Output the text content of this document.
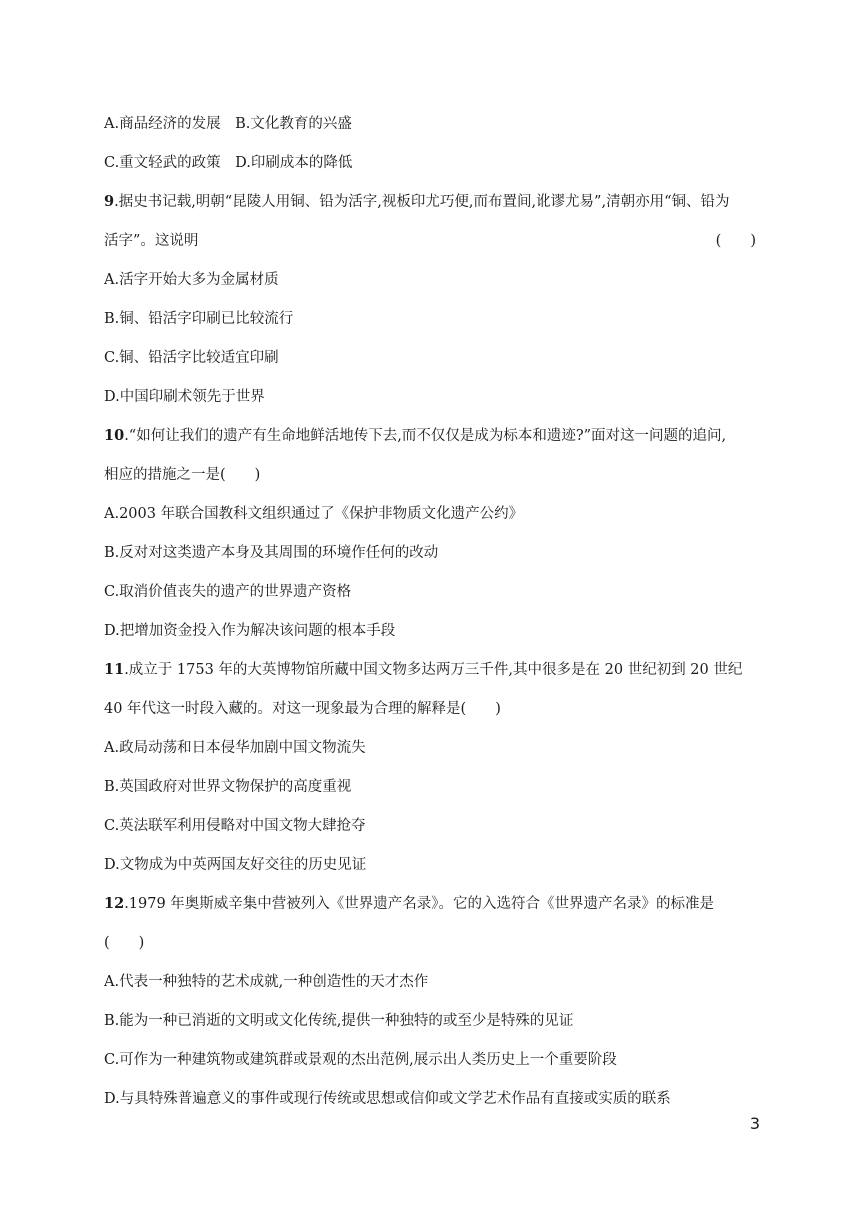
A.商品经济的发展　B.文化教育的兴盛
C.重文轻武的政策　D.印刷成本的降低
9.据史书记载,明朝“昆陵人用铜、铅为活字,视板印尤巧便,而布置间,讹谬尤易”,清朝亦用“铜、铅为
活字”。这说明	(　　)
A.活字开始大多为金属材质
B.铜、铅活字印刷已比较流行
C.铜、铅活字比较适宜印刷
D.中国印刷术领先于世界
10.“如何让我们的遗产有生命地鲜活地传下去,而不仅仅是成为标本和遗迹?”面对这一问题的追问,
相应的措施之一是(　　)
A.2003 年联合国教科文组织通过了《保护非物质文化遗产公约》
B.反对对这类遗产本身及其周围的环境作任何的改动
C.取消价值丧失的遗产的世界遗产资格
D.把增加资金投入作为解决该问题的根本手段
11.成立于 1753 年的大英博物馆所藏中国文物多达两万三千件,其中很多是在 20 世纪初到 20 世纪
40 年代这一时段入藏的。对这一现象最为合理的解释是(　　)
A.政局动荡和日本侵华加剧中国文物流失
B.英国政府对世界文物保护的高度重视
C.英法联军利用侵略对中国文物大肆抢夺
D.文物成为中英两国友好交往的历史见证
12.1979 年奥斯威辛集中营被列入《世界遗产名录》。它的入选符合《世界遗产名录》的标准是
(　　)
A.代表一种独特的艺术成就,一种创造性的天才杰作
B.能为一种已消逝的文明或文化传统,提供一种独特的或至少是特殊的见证
C.可作为一种建筑物或建筑群或景观的杰出范例,展示出人类历史上一个重要阶段
D.与具特殊普遍意义的事件或现行传统或思想或信仰或文学艺术作品有直接或实质的联系
3
